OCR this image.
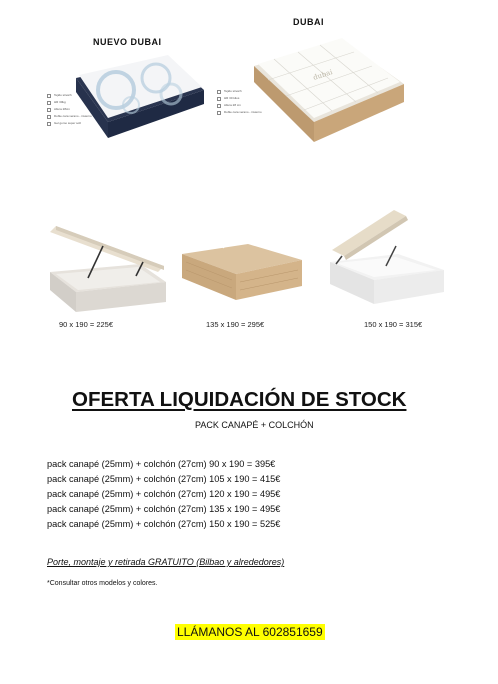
NUEVO DUBAI
Tejido stretch
HR 30kg
Altura 28cm
Doble cara verano - invierno
Gel gomo super soft
DUBAI
dubai
Tejido stretch
HR 30 kilos
Altura 28 cm
Doble cara verano - invierno
90 x 190 = 225€	135 x 190 = 295€	150 x 190 = 315€
OFERTA LIQUIDACIÓN DE STOCK
PACK CANAPÉ + COLCHÓN
pack canapé (25mm) + colchón (27cm) 90 x 190 = 395€
pack canapé (25mm) + colchón (27cm) 105 x 190 = 415€
pack canapé (25mm) + colchón (27cm) 120 x 190 = 495€
pack canapé (25mm) + colchón (27cm) 135 x 190 = 495€
pack canapé (25mm) + colchón (27cm) 150 x 190 = 525€
Porte, montaje y retirada GRATUITO (Bilbao y alrededores)
*Consultar otros modelos y colores.
LLÁMANOS AL 602851659
